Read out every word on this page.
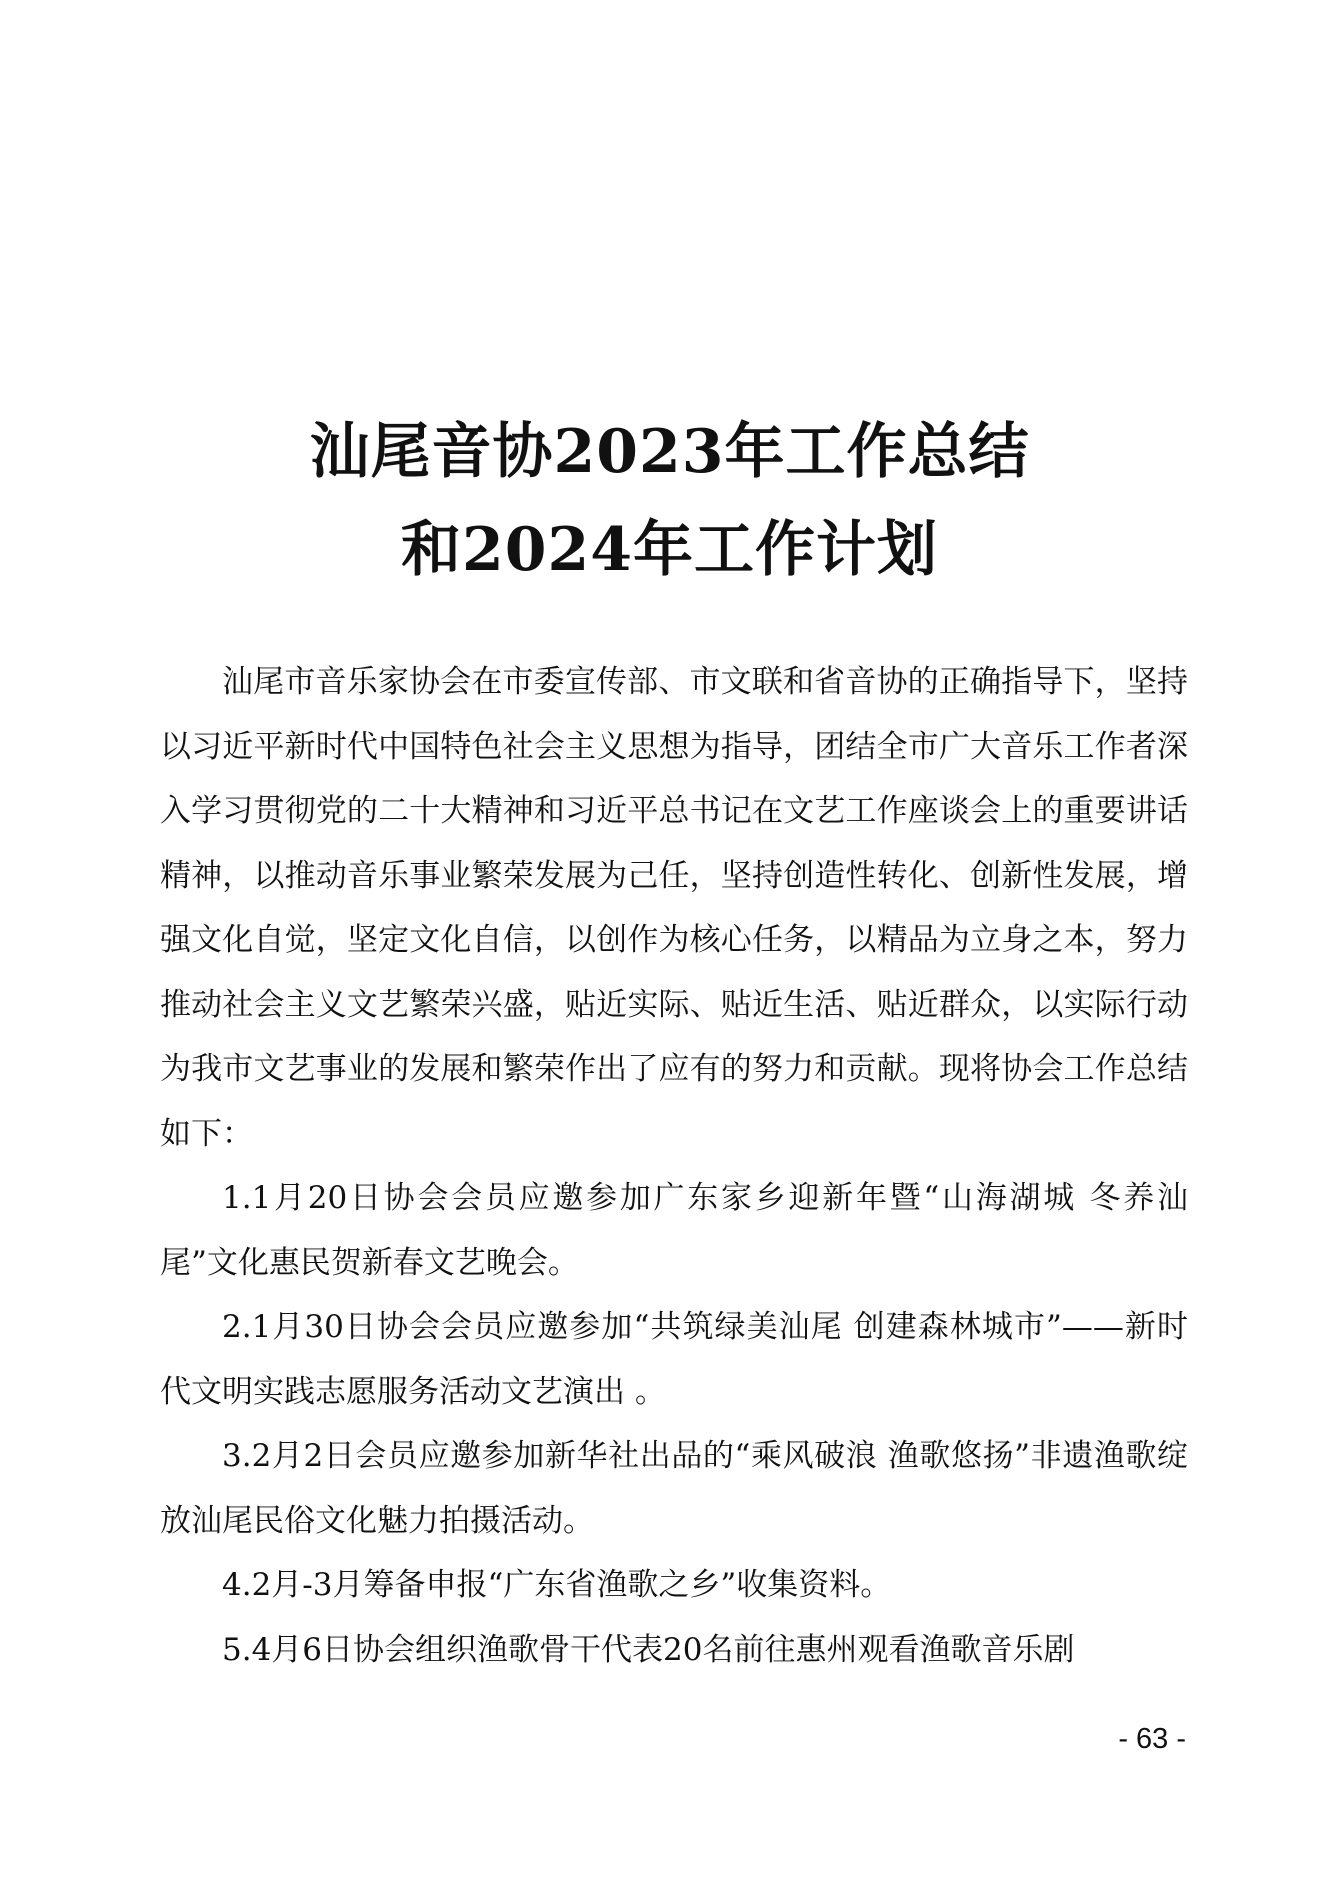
汕尾音协2023年工作总结
和2024年工作计划

汕尾市音乐家协会在市委宣传部、市文联和省音协的正确指导下，坚持以习近平新时代中国特色社会主义思想为指导，团结全市广大音乐工作者深入学习贯彻党的二十大精神和习近平总书记在文艺工作座谈会上的重要讲话精神，以推动音乐事业繁荣发展为己任，坚持创造性转化、创新性发展，增强文化自觉，坚定文化自信，以创作为核心任务，以精品为立身之本，努力推动社会主义文艺繁荣兴盛，贴近实际、贴近生活、贴近群众，以实际行动为我市文艺事业的发展和繁荣作出了应有的努力和贡献。现将协会工作总结如下：

1.1月20日协会会员应邀参加广东家乡迎新年暨“山海湖城 冬养汕尾”文化惠民贺新春文艺晚会。

2.1月30日协会会员应邀参加“共筑绿美汕尾 创建森林城市”——新时代文明实践志愿服务活动文艺演出 。

3.2月2日会员应邀参加新华社出品的“乘风破浪 渔歌悠扬”非遗渔歌绽放汕尾民俗文化魅力拍摄活动。

4.2月-3月筹备申报“广东省渔歌之乡”收集资料。

5.4月6日协会组织渔歌骨干代表20名前往惠州观看渔歌音乐剧

- 63 -
